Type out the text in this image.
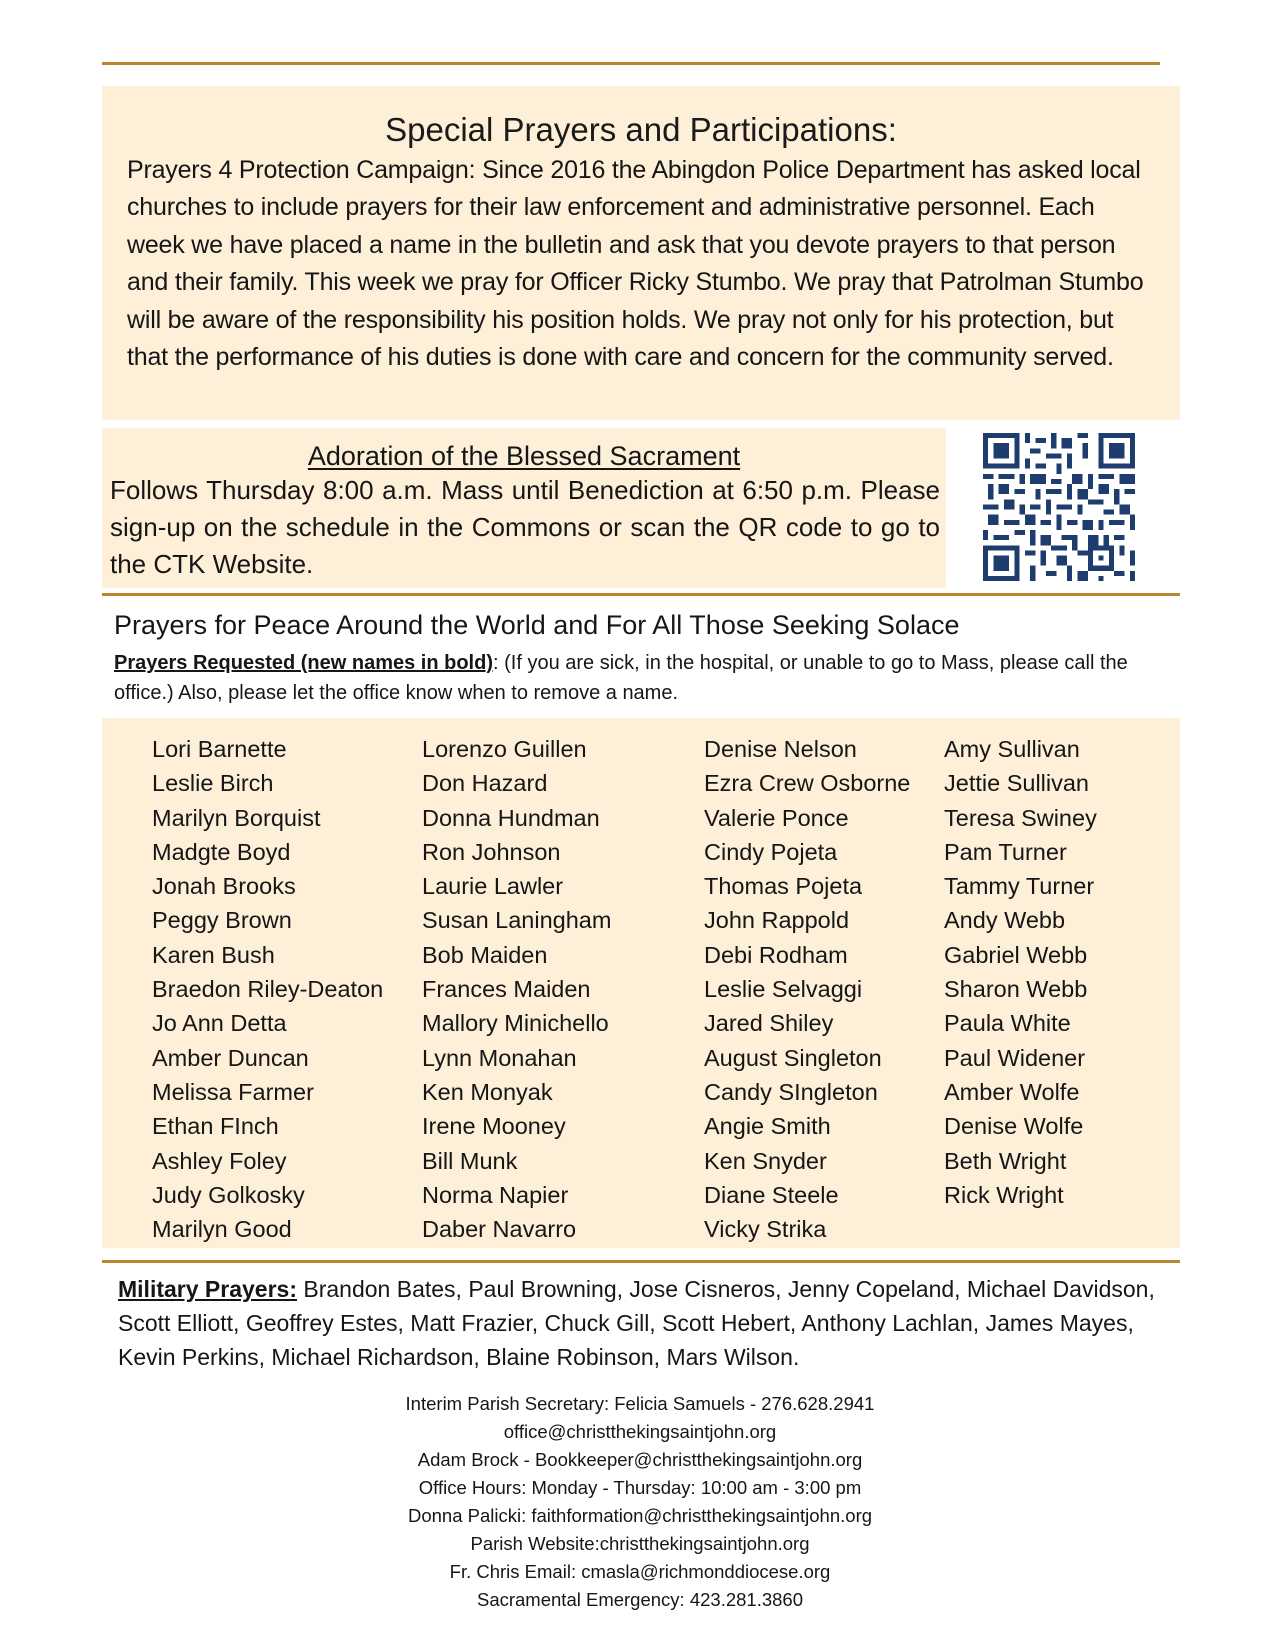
Special Prayers and Participations:
Prayers 4 Protection Campaign: Since 2016 the Abingdon Police Department has asked local churches to include prayers for their law enforcement and administrative personnel. Each week we have placed a name in the bulletin and ask that you devote prayers to that person and their family. This week we pray for Officer Ricky Stumbo. We pray that Patrolman Stumbo will be aware of the responsibility his position holds. We pray not only for his protection, but that the performance of his duties is done with care and concern for the community served.
Adoration of the Blessed Sacrament
Follows Thursday 8:00 a.m. Mass until Benediction at 6:50 p.m. Please sign-up on the schedule in the Commons or scan the QR code to go to the CTK Website.
Prayers for Peace Around the World and For All Those Seeking Solace
Prayers Requested (new names in bold): (If you are sick, in the hospital, or unable to go to Mass, please call the office.) Also, please let the office know when to remove a name.
Lori Barnette
Leslie Birch
Marilyn Borquist
Madgte Boyd
Jonah Brooks
Peggy Brown
Karen Bush
Braedon Riley-Deaton
Jo Ann Detta
Amber Duncan
Melissa Farmer
Ethan FInch
Ashley Foley
Judy Golkosky
Marilyn Good
Lorenzo Guillen
Don Hazard
Donna Hundman
Ron Johnson
Laurie Lawler
Susan Laningham
Bob Maiden
Frances Maiden
Mallory Minichello
Lynn Monahan
Ken Monyak
Irene Mooney
Bill Munk
Norma Napier
Daber Navarro
Denise Nelson
Ezra Crew Osborne
Valerie Ponce
Cindy Pojeta
Thomas Pojeta
John Rappold
Debi Rodham
Leslie Selvaggi
Jared Shiley
August Singleton
Candy SIngleton
Angie Smith
Ken Snyder
Diane Steele
Vicky Strika
Amy Sullivan
Jettie Sullivan
Teresa Swiney
Pam Turner
Tammy Turner
Andy Webb
Gabriel Webb
Sharon Webb
Paula White
Paul Widener
Amber Wolfe
Denise Wolfe
Beth Wright
Rick Wright
Military Prayers: Brandon Bates, Paul Browning, Jose Cisneros, Jenny Copeland, Michael Davidson, Scott Elliott, Geoffrey Estes, Matt Frazier, Chuck Gill, Scott Hebert, Anthony Lachlan, James Mayes, Kevin Perkins, Michael Richardson, Blaine Robinson, Mars Wilson.
Interim Parish Secretary: Felicia Samuels - 276.628.2941
office@christthekingsaintjohn.org
Adam Brock - Bookkeeper@christthekingsaintjohn.org
Office Hours: Monday - Thursday: 10:00 am - 3:00 pm
Donna Palicki: faithformation@christthekingsaintjohn.org
Parish Website:christthekingsaintjohn.org
Fr. Chris Email: cmasla@richmonddiocese.org
Sacramental Emergency: 423.281.3860
